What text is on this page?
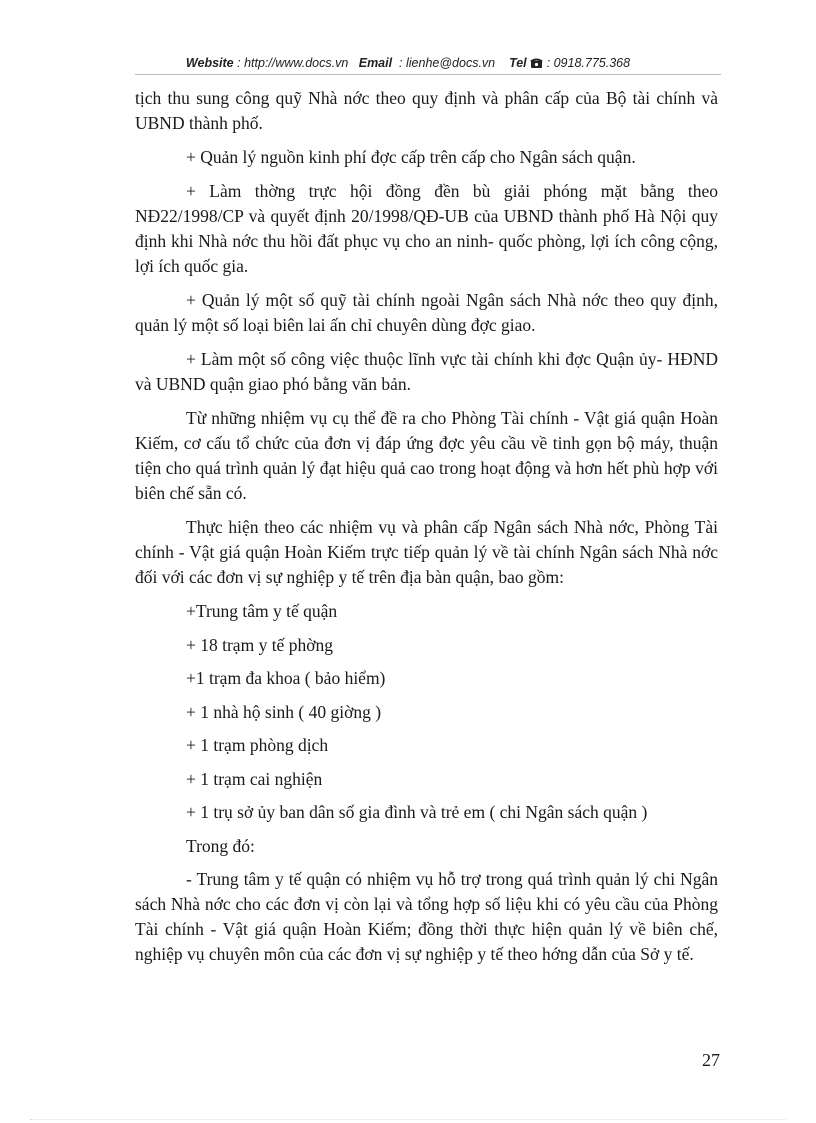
Website : http://www.docs.vn Email  : lienhe@docs.vn Tel  : 0918.775.368

tịch thu sung công quỹ Nhà nớc theo quy định và phân cấp của Bộ tài chính và UBND thành phố.

+ Quản lý nguồn kinh phí đợc cấp trên cấp cho Ngân sách quận.

+ Làm thờng trực hội đồng đền bù giải phóng mặt bằng theo NĐ22/1998/CP và quyết định 20/1998/QĐ-UB của UBND thành phố Hà Nội quy định khi Nhà nớc thu hồi đất phục vụ cho an ninh- quốc phòng, lợi ích công cộng, lợi ích quốc gia.

+ Quản lý một số quỹ tài chính ngoài Ngân sách Nhà nớc theo quy định, quản lý một số loại biên lai ấn chỉ chuyên dùng đợc giao.

+ Làm một số công việc thuộc lĩnh vực tài chính khi đợc Quận ủy- HĐND và UBND quận giao phó bằng văn bản.

Từ những nhiệm vụ cụ thể đề ra cho Phòng Tài chính - Vật giá quận Hoàn Kiếm, cơ cấu tổ chức của đơn vị đáp ứng đợc yêu cầu về tinh gọn bộ máy, thuận tiện cho quá trình quản lý đạt hiệu quả cao trong hoạt động và hơn hết phù hợp với biên chế sẵn có.

Thực hiện theo các nhiệm vụ và phân cấp Ngân sách Nhà nớc, Phòng Tài chính - Vật giá quận Hoàn Kiếm trực tiếp quản lý về tài chính Ngân sách Nhà nớc đối với các đơn vị sự nghiệp y tế trên địa bàn quận, bao gồm:

+Trung tâm y tế quận

+ 18 trạm y tế phờng

+1 trạm đa khoa ( bảo hiểm)

+ 1 nhà hộ sinh ( 40 giờng )

+ 1 trạm phòng dịch

+ 1 trạm cai nghiện

+ 1 trụ sở ủy ban dân số gia đình và trẻ em ( chi Ngân sách quận )

Trong đó:

- Trung tâm y tế quận có nhiệm vụ hỗ trợ trong quá trình quản lý chi Ngân sách Nhà nớc cho các đơn vị còn lại và tổng hợp số liệu khi có yêu cầu của Phòng Tài chính - Vật giá quận Hoàn Kiếm; đồng thời thực hiện quản lý về biên chế, nghiệp vụ chuyên môn của các đơn vị sự nghiệp y tế theo hớng dẫn của Sở y tế.

27
